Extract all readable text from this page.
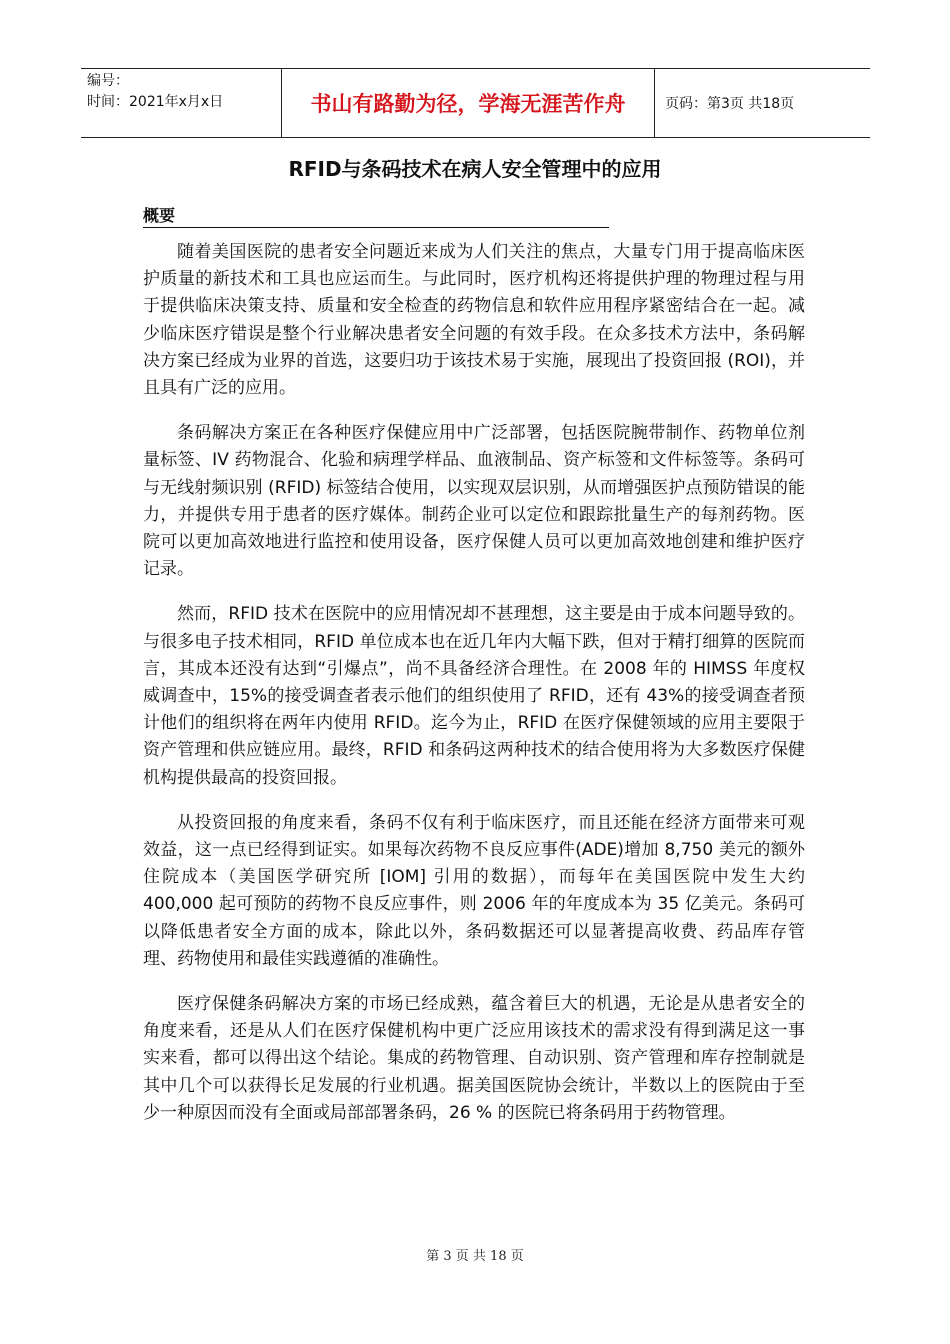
编号：
时间：2021年x月x日	书山有路勤为径，学海无涯苦作舟	页码：第3页 共18页
RFID与条码技术在病人安全管理中的应用
概要

随着美国医院的患者安全问题近来成为人们关注的焦点，大量专门用于提高临床医护质量的新技术和工具也应运而生。与此同时，医疗机构还将提供护理的物理过程与用于提供临床决策支持、质量和安全检查的药物信息和软件应用程序紧密结合在一起。减少临床医疗错误是整个行业解决患者安全问题的有效手段。在众多技术方法中，条码解决方案已经成为业界的首选，这要归功于该技术易于实施，展现出了投资回报 (ROI)，并且具有广泛的应用。

条码解决方案正在各种医疗保健应用中广泛部署，包括医院腕带制作、药物单位剂量标签、IV 药物混合、化验和病理学样品、血液制品、资产标签和文件标签等。条码可与无线射频识别 (RFID) 标签结合使用，以实现双层识别，从而增强医护点预防错误的能力，并提供专用于患者的医疗媒体。制药企业可以定位和跟踪批量生产的每剂药物。医院可以更加高效地进行监控和使用设备，医疗保健人员可以更加高效地创建和维护医疗记录。

然而，RFID 技术在医院中的应用情况却不甚理想，这主要是由于成本问题导致的。与很多电子技术相同，RFID 单位成本也在近几年内大幅下跌，但对于精打细算的医院而言，其成本还没有达到“引爆点”，尚不具备经济合理性。在 2008 年的 HIMSS 年度权威调查中，15%的接受调查者表示他们的组织使用了 RFID，还有 43%的接受调查者预计他们的组织将在两年内使用 RFID。迄今为止，RFID 在医疗保健领域的应用主要限于资产管理和供应链应用。最终，RFID 和条码这两种技术的结合使用将为大多数医疗保健机构提供最高的投资回报。

从投资回报的角度来看，条码不仅有利于临床医疗，而且还能在经济方面带来可观效益，这一点已经得到证实。如果每次药物不良反应事件(ADE)增加 8,750 美元的额外住院成本（美国医学研究所 [IOM] 引用的数据），而每年在美国医院中发生大约 400,000 起可预防的药物不良反应事件，则 2006 年的年度成本为 35 亿美元。条码可以降低患者安全方面的成本，除此以外，条码数据还可以显著提高收费、药品库存管理、药物使用和最佳实践遵循的准确性。

医疗保健条码解决方案的市场已经成熟，蕴含着巨大的机遇，无论是从患者安全的角度来看，还是从人们在医疗保健机构中更广泛应用该技术的需求没有得到满足这一事实来看，都可以得出这个结论。集成的药物管理、自动识别、资产管理和库存控制就是其中几个可以获得长足发展的行业机遇。据美国医院协会统计，半数以上的医院由于至少一种原因而没有全面或局部部署条码，26 % 的医院已将条码用于药物管理。

第 3 页 共 18 页
